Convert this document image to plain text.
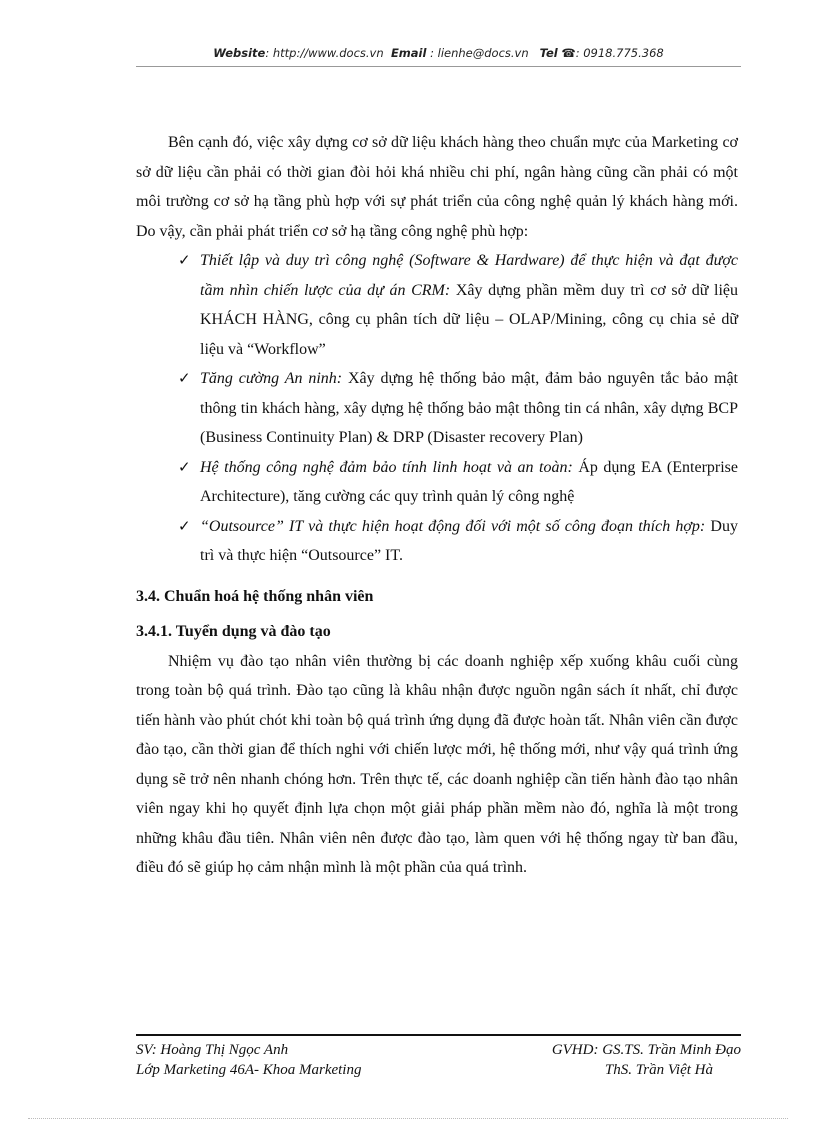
Website: http://www.docs.vn Email : lienhe@docs.vn Tel ☎: 0918.775.368

Bên cạnh đó, việc xây dựng cơ sở dữ liệu khách hàng theo chuẩn mực của Marketing cơ sở dữ liệu cần phải có thời gian đòi hỏi khá nhiều chi phí, ngân hàng cũng cần phải có một môi trường cơ sở hạ tầng phù hợp với sự phát triển của công nghệ quản lý khách hàng mới. Do vậy, cần phải phát triển cơ sở hạ tầng công nghệ phù hợp:

✓ Thiết lập và duy trì công nghệ (Software & Hardware) để thực hiện và đạt được tầm nhìn chiến lược của dự án CRM: Xây dựng phần mềm duy trì cơ sở dữ liệu KHÁCH HÀNG, công cụ phân tích dữ liệu – OLAP/Mining, công cụ chia sẻ dữ liệu và “Workflow”
✓ Tăng cường An ninh: Xây dựng hệ thống bảo mật, đảm bảo nguyên tắc bảo mật thông tin khách hàng, xây dựng hệ thống bảo mật thông tin cá nhân, xây dựng BCP (Business Continuity Plan) & DRP (Disaster recovery Plan)
✓ Hệ thống công nghệ đảm bảo tính linh hoạt và an toàn: Áp dụng EA (Enterprise Architecture), tăng cường các quy trình quản lý công nghệ
✓ “Outsource” IT và thực hiện hoạt động đối với một số công đoạn thích hợp: Duy trì và thực hiện “Outsource” IT.
3.4. Chuẩn hoá hệ thống nhân viên
3.4.1. Tuyển dụng và đào tạo

Nhiệm vụ đào tạo nhân viên thường bị các doanh nghiệp xếp xuống khâu cuối cùng trong toàn bộ quá trình. Đào tạo cũng là khâu nhận được nguồn ngân sách ít nhất, chỉ được tiến hành vào phút chót khi toàn bộ quá trình ứng dụng đã được hoàn tất. Nhân viên cần được đào tạo, cần thời gian để thích nghi với chiến lược mới, hệ thống mới, như vậy quá trình ứng dụng sẽ trở nên nhanh chóng hơn. Trên thực tế, các doanh nghiệp cần tiến hành đào tạo nhân viên ngay khi họ quyết định lựa chọn một giải pháp phần mềm nào đó, nghĩa là một trong những khâu đầu tiên. Nhân viên nên được đào tạo, làm quen với hệ thống ngay từ ban đầu, điều đó sẽ giúp họ cảm nhận mình là một phần của quá trình.

SV: Hoàng Thị Ngọc Anh	GVHD: GS.TS. Trần Minh Đạo
Lớp Marketing 46A- Khoa Marketing	ThS. Trần Việt Hà
